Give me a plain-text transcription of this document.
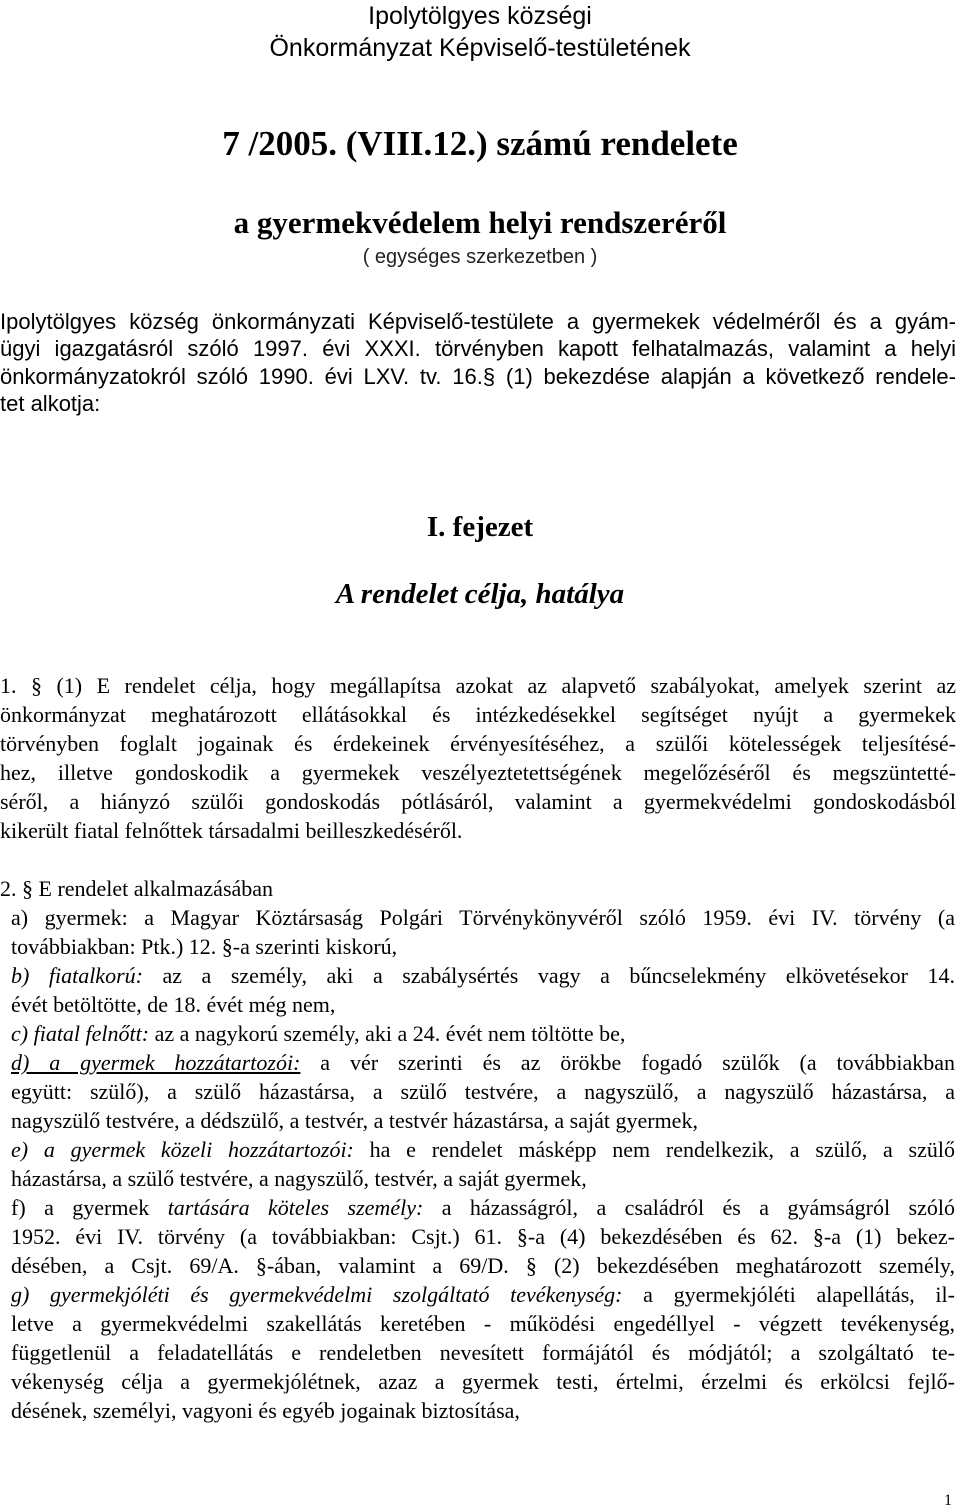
Ipolytölgyes községi
Önkormányzat Képviselő-testületének
7 /2005. (VIII.12.) számú rendelete
a gyermekvédelem helyi rendszeréről
( egységes szerkezetben )
Ipolytölgyes község önkormányzati Képviselő-testülete a gyermekek védelméről és a gyám-
ügyi igazgatásról szóló 1997. évi XXXI. törvényben kapott felhatalmazás, valamint a helyi
önkormányzatokról szóló 1990. évi LXV. tv. 16.§ (1) bekezdése alapján a következő rendele-
tet alkotja:
I. fejezet
A rendelet célja, hatálya
1. § (1) E rendelet célja, hogy megállapítsa azokat az alapvető szabályokat, amelyek szerint az
önkormányzat meghatározott ellátásokkal és intézkedésekkel segítséget nyújt a gyermekek
törvényben foglalt jogainak és érdekeinek érvényesítéséhez, a szülői kötelességek teljesítésé-
hez, illetve gondoskodik a gyermekek veszélyeztetettségének megelőzéséről és megszüntetté-
séről, a hiányzó szülői gondoskodás pótlásáról, valamint a gyermekvédelmi gondoskodásból
kikerült fiatal felnőttek társadalmi beilleszkedéséről.
2. § E rendelet alkalmazásában
a) gyermek: a Magyar Köztársaság Polgári Törvénykönyvéről szóló 1959. évi IV. törvény (a
továbbiakban: Ptk.) 12. §-a szerinti kiskorú,
b) fiatalkorú: az a személy, aki a szabálysértés vagy a bűncselekmény elkövetésekor 14.
évét betöltötte, de 18. évét még nem,
c) fiatal felnőtt: az a nagykorú személy, aki a 24. évét nem töltötte be,
d) a gyermek hozzátartozói: a vér szerinti és az örökbe fogadó szülők (a továbbiakban
együtt: szülő), a szülő házastársa, a szülő testvére, a nagyszülő, a nagyszülő házastársa, a
nagyszülő testvére, a dédszülő, a testvér, a testvér házastársa, a saját gyermek,
e) a gyermek közeli hozzátartozói: ha e rendelet másképp nem rendelkezik, a szülő, a szülő
házastársa, a szülő testvére, a nagyszülő, testvér, a saját gyermek,
f) a gyermek tartására köteles személy: a házasságról, a családról és a gyámságról szóló
1952. évi IV. törvény (a továbbiakban: Csjt.) 61. §-a (4) bekezdésében és 62. §-a (1) bekez-
désében, a Csjt. 69/A. §-ában, valamint a 69/D. § (2) bekezdésében meghatározott személy,
g) gyermekjóléti és gyermekvédelmi szolgáltató tevékenység: a gyermekjóléti alapellátás, il-
letve a gyermekvédelmi szakellátás keretében - működési engedéllyel - végzett tevékenység,
függetlenül a feladatellátás e rendeletben nevesített formájától és módjától; a szolgáltató te-
vékenység célja a gyermekjólétnek, azaz a gyermek testi, értelmi, érzelmi és erkölcsi fejlő-
désének, személyi, vagyoni és egyéb jogainak biztosítása,
1
